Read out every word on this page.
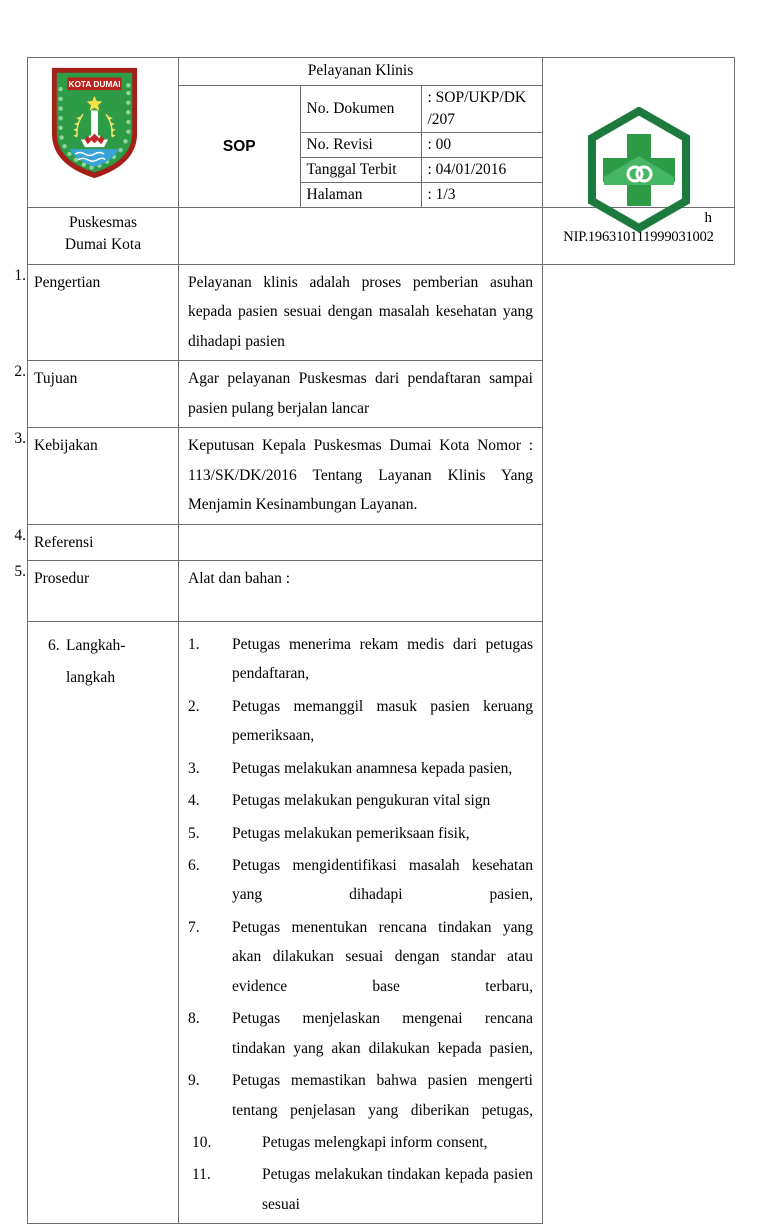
KOTA DUMAI

Pelayanan Klinis
SOP	No. Dokumen	: SOP/UKP/DK /207
No. Revisi	: 00
Tanggal Terbit	: 04/01/2016
Halaman	: 1/3

Puskesmas
Dumai Kota		
h
NIP.196310111999031002

1. Pengertian	Pelayanan klinis adalah proses pemberian asuhan kepada pasien sesuai dengan masalah kesehatan yang dihadapi pasien

2. Tujuan	Agar pelayanan Puskesmas dari pendaftaran sampai pasien pulang berjalan lancar

3. Kebijakan	Keputusan Kepala Puskesmas Dumai Kota Nomor : 113/SK/DK/2016 Tentang Layanan Klinis Yang Menjamin Kesinambungan Layanan.

4. Referensi	

5. Prosedur	Alat dan bahan :

6. Langkah-
langkah

1.	Petugas menerima rekam medis dari petugas pendaftaran,
2.	Petugas memanggil masuk pasien keruang pemeriksaan,
3.	Petugas melakukan anamnesa kepada pasien,
4.	Petugas melakukan pengukuran vital sign
5.	Petugas melakukan pemeriksaan fisik,
6.	Petugas mengidentifikasi masalah kesehatan yang dihadapi pasien,
7.	Petugas menentukan rencana tindakan yang akan dilakukan sesuai dengan standar atau evidence base terbaru,
8.	Petugas menjelaskan mengenai rencana tindakan yang akan dilakukan kepada pasien,
9.	Petugas memastikan bahwa pasien mengerti tentang penjelasan yang diberikan petugas,
10.	Petugas melengkapi inform consent,
11.	Petugas melakukan tindakan kepada pasien sesuai
